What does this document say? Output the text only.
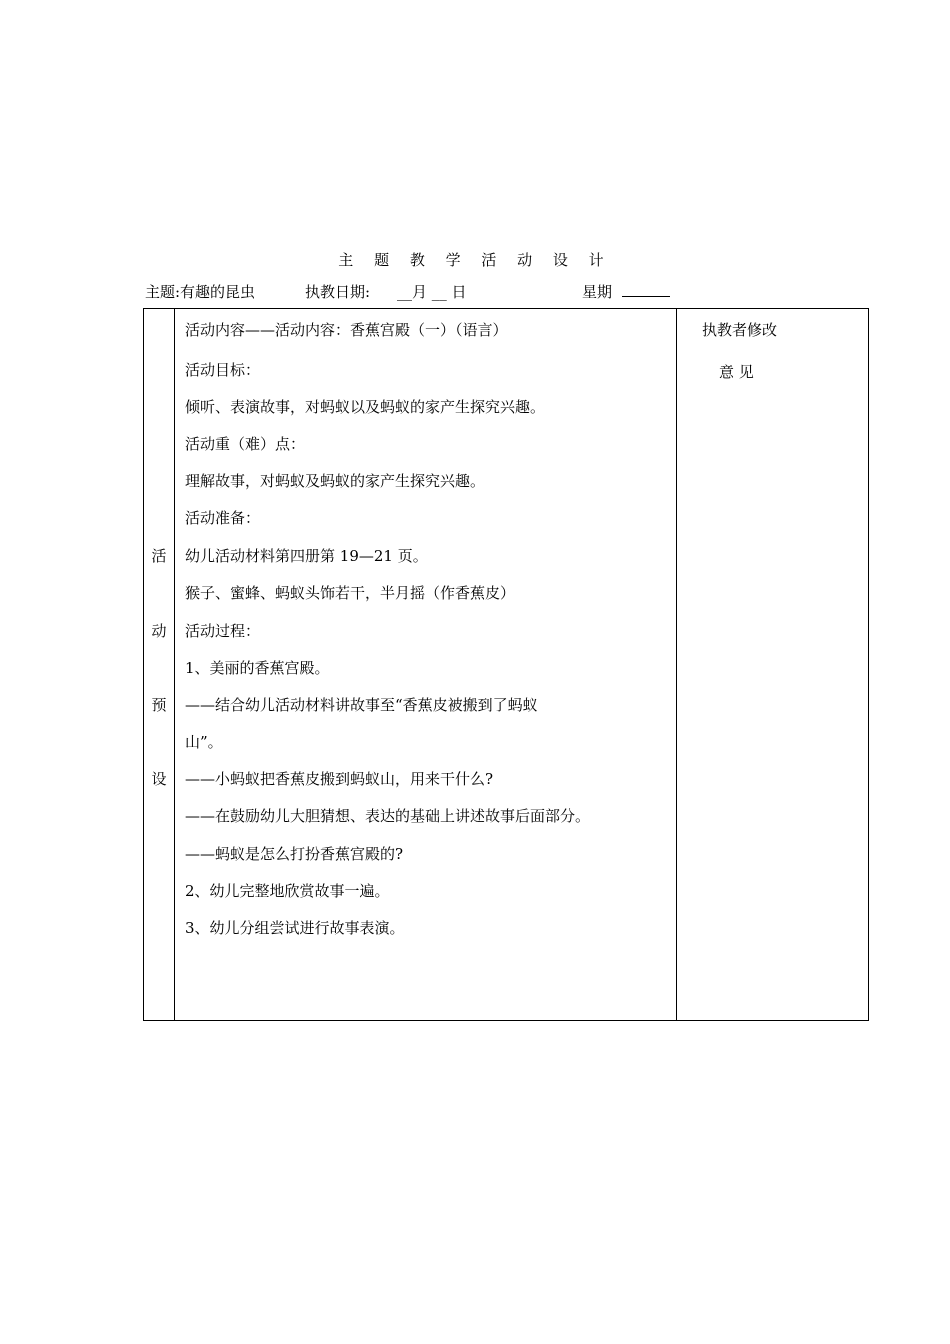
主 题 教 学 活 动 设 计
主题:有趣的昆虫	执教日期: __月 __ 日	星期
活
动
预
设
活动内容——活动内容：香蕉宫殿（一）（语言）
活动目标：
倾听、表演故事，对蚂蚁以及蚂蚁的家产生探究兴趣。
活动重（难）点：
理解故事，对蚂蚁及蚂蚁的家产生探究兴趣。
活动准备：
幼儿活动材料第四册第 19—21 页。
猴子、蜜蜂、蚂蚁头饰若干，半月摇（作香蕉皮）
活动过程：
1、美丽的香蕉宫殿。
——结合幼儿活动材料讲故事至“香蕉皮被搬到了蚂蚁
山”。
——小蚂蚁把香蕉皮搬到蚂蚁山，用来干什么?
——在鼓励幼儿大胆猜想、表达的基础上讲述故事后面部分。
——蚂蚁是怎么打扮香蕉宫殿的?
2、幼儿完整地欣赏故事一遍。
3、幼儿分组尝试进行故事表演。
执教者修改
意 见
